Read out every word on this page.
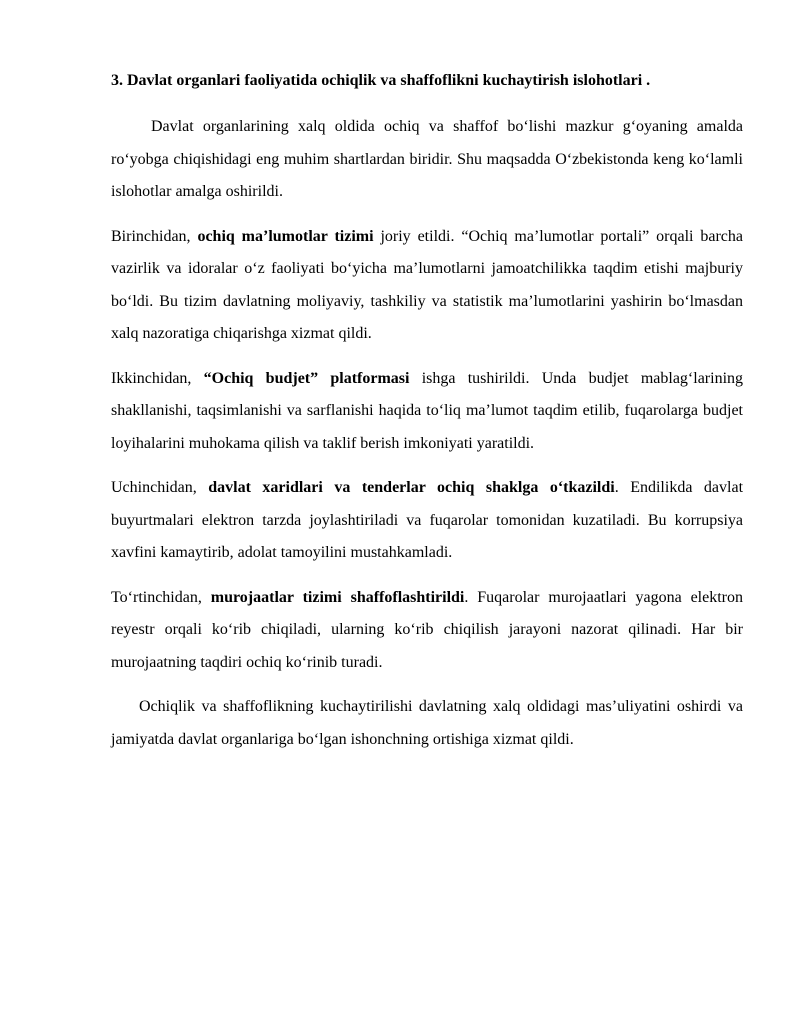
3. Davlat organlari faoliyatida ochiqlik va shaffoflikni kuchaytirish islohotlari .

Davlat organlarining xalq oldida ochiq va shaffof bo‘lishi mazkur g‘oyaning amalda ro‘yobga chiqishidagi eng muhim shartlardan biridir. Shu maqsadda O‘zbekistonda keng ko‘lamli islohotlar amalga oshirildi.

Birinchidan, ochiq ma’lumotlar tizimi joriy etildi. “Ochiq ma’lumotlar portali” orqali barcha vazirlik va idoralar o‘z faoliyati bo‘yicha ma’lumotlarni jamoatchilikka taqdim etishi majburiy bo‘ldi. Bu tizim davlatning moliyaviy, tashkiliy va statistik ma’lumotlarini yashirin bo‘lmasdan xalq nazoratiga chiqarishga xizmat qildi.

Ikkinchidan, “Ochiq budjet” platformasi ishga tushirildi. Unda budjet mablag‘larining shakllanishi, taqsimlanishi va sarflanishi haqida to‘liq ma’lumot taqdim etilib, fuqarolarga budjet loyihalarini muhokama qilish va taklif berish imkoniyati yaratildi.

Uchinchidan, davlat xaridlari va tenderlar ochiq shaklga o‘tkazildi. Endilikda davlat buyurtmalari elektron tarzda joylashtiriladi va fuqarolar tomonidan kuzatiladi. Bu korrupsiya xavfini kamaytirib, adolat tamoyilini mustahkamladi.

To‘rtinchidan, murojaatlar tizimi shaffoflashtirildi. Fuqarolar murojaatlari yagona elektron reyestr orqali ko‘rib chiqiladi, ularning ko‘rib chiqilish jarayoni nazorat qilinadi. Har bir murojaatning taqdiri ochiq ko‘rinib turadi.

Ochiqlik va shaffoflikning kuchaytirilishi davlatning xalq oldidagi mas’uliyatini oshirdi va jamiyatda davlat organlariga bo‘lgan ishonchning ortishiga xizmat qildi.
